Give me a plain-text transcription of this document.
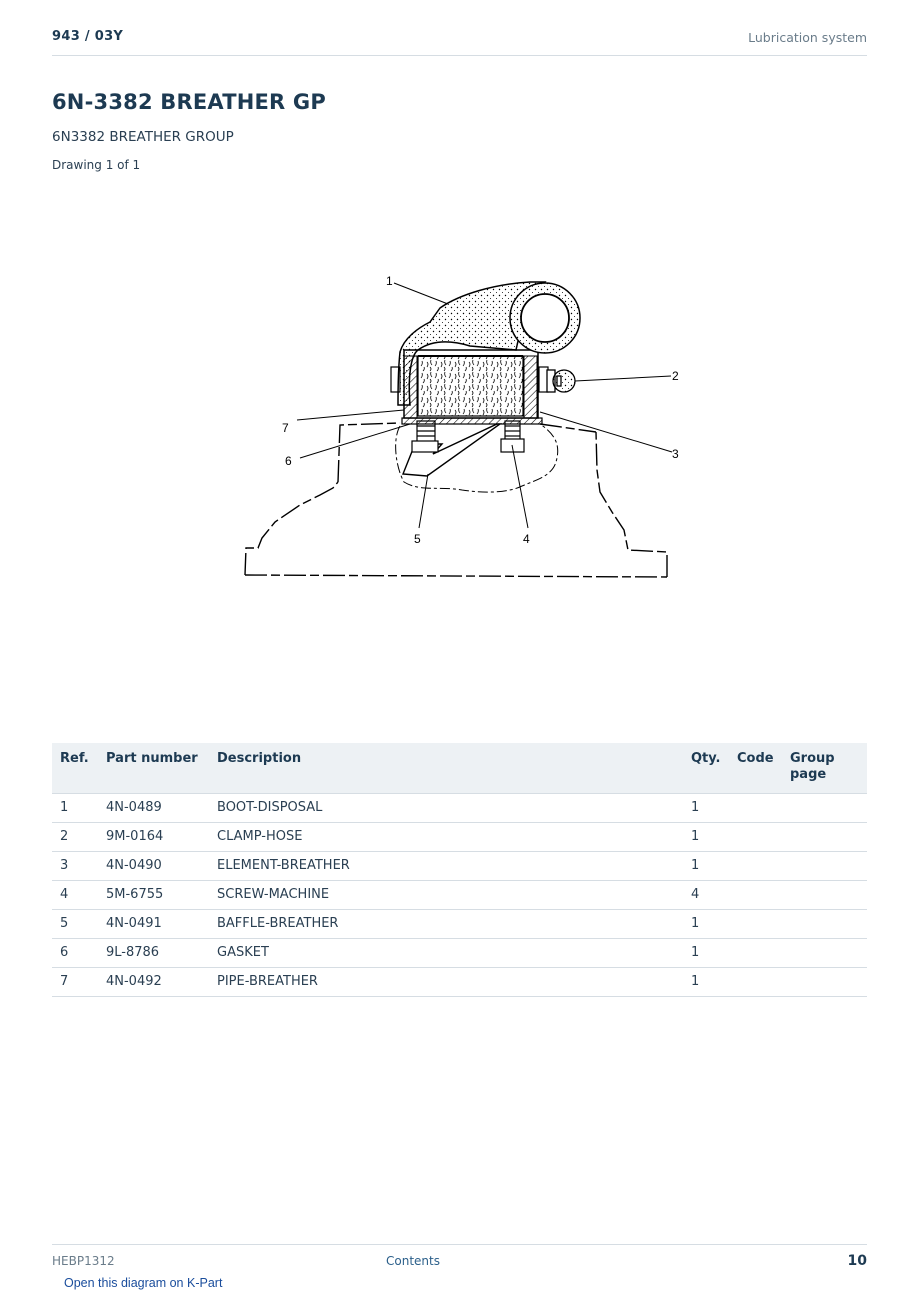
943 / 03Y	Lubrication system
6N-3382 BREATHER GP
6N3382 BREATHER GROUP
Drawing 1 of 1
1
2
3
4
5
6
7
Ref.	Part number	Description	Qty.	Code	Group page
1	4N-0489	BOOT-DISPOSAL	1		
2	9M-0164	CLAMP-HOSE	1		
3	4N-0490	ELEMENT-BREATHER	1		
4	5M-6755	SCREW-MACHINE	4		
5	4N-0491	BAFFLE-BREATHER	1		
6	9L-8786	GASKET	1		
7	4N-0492	PIPE-BREATHER	1		
HEBP1312	Contents	10
Open this diagram on K-Part
